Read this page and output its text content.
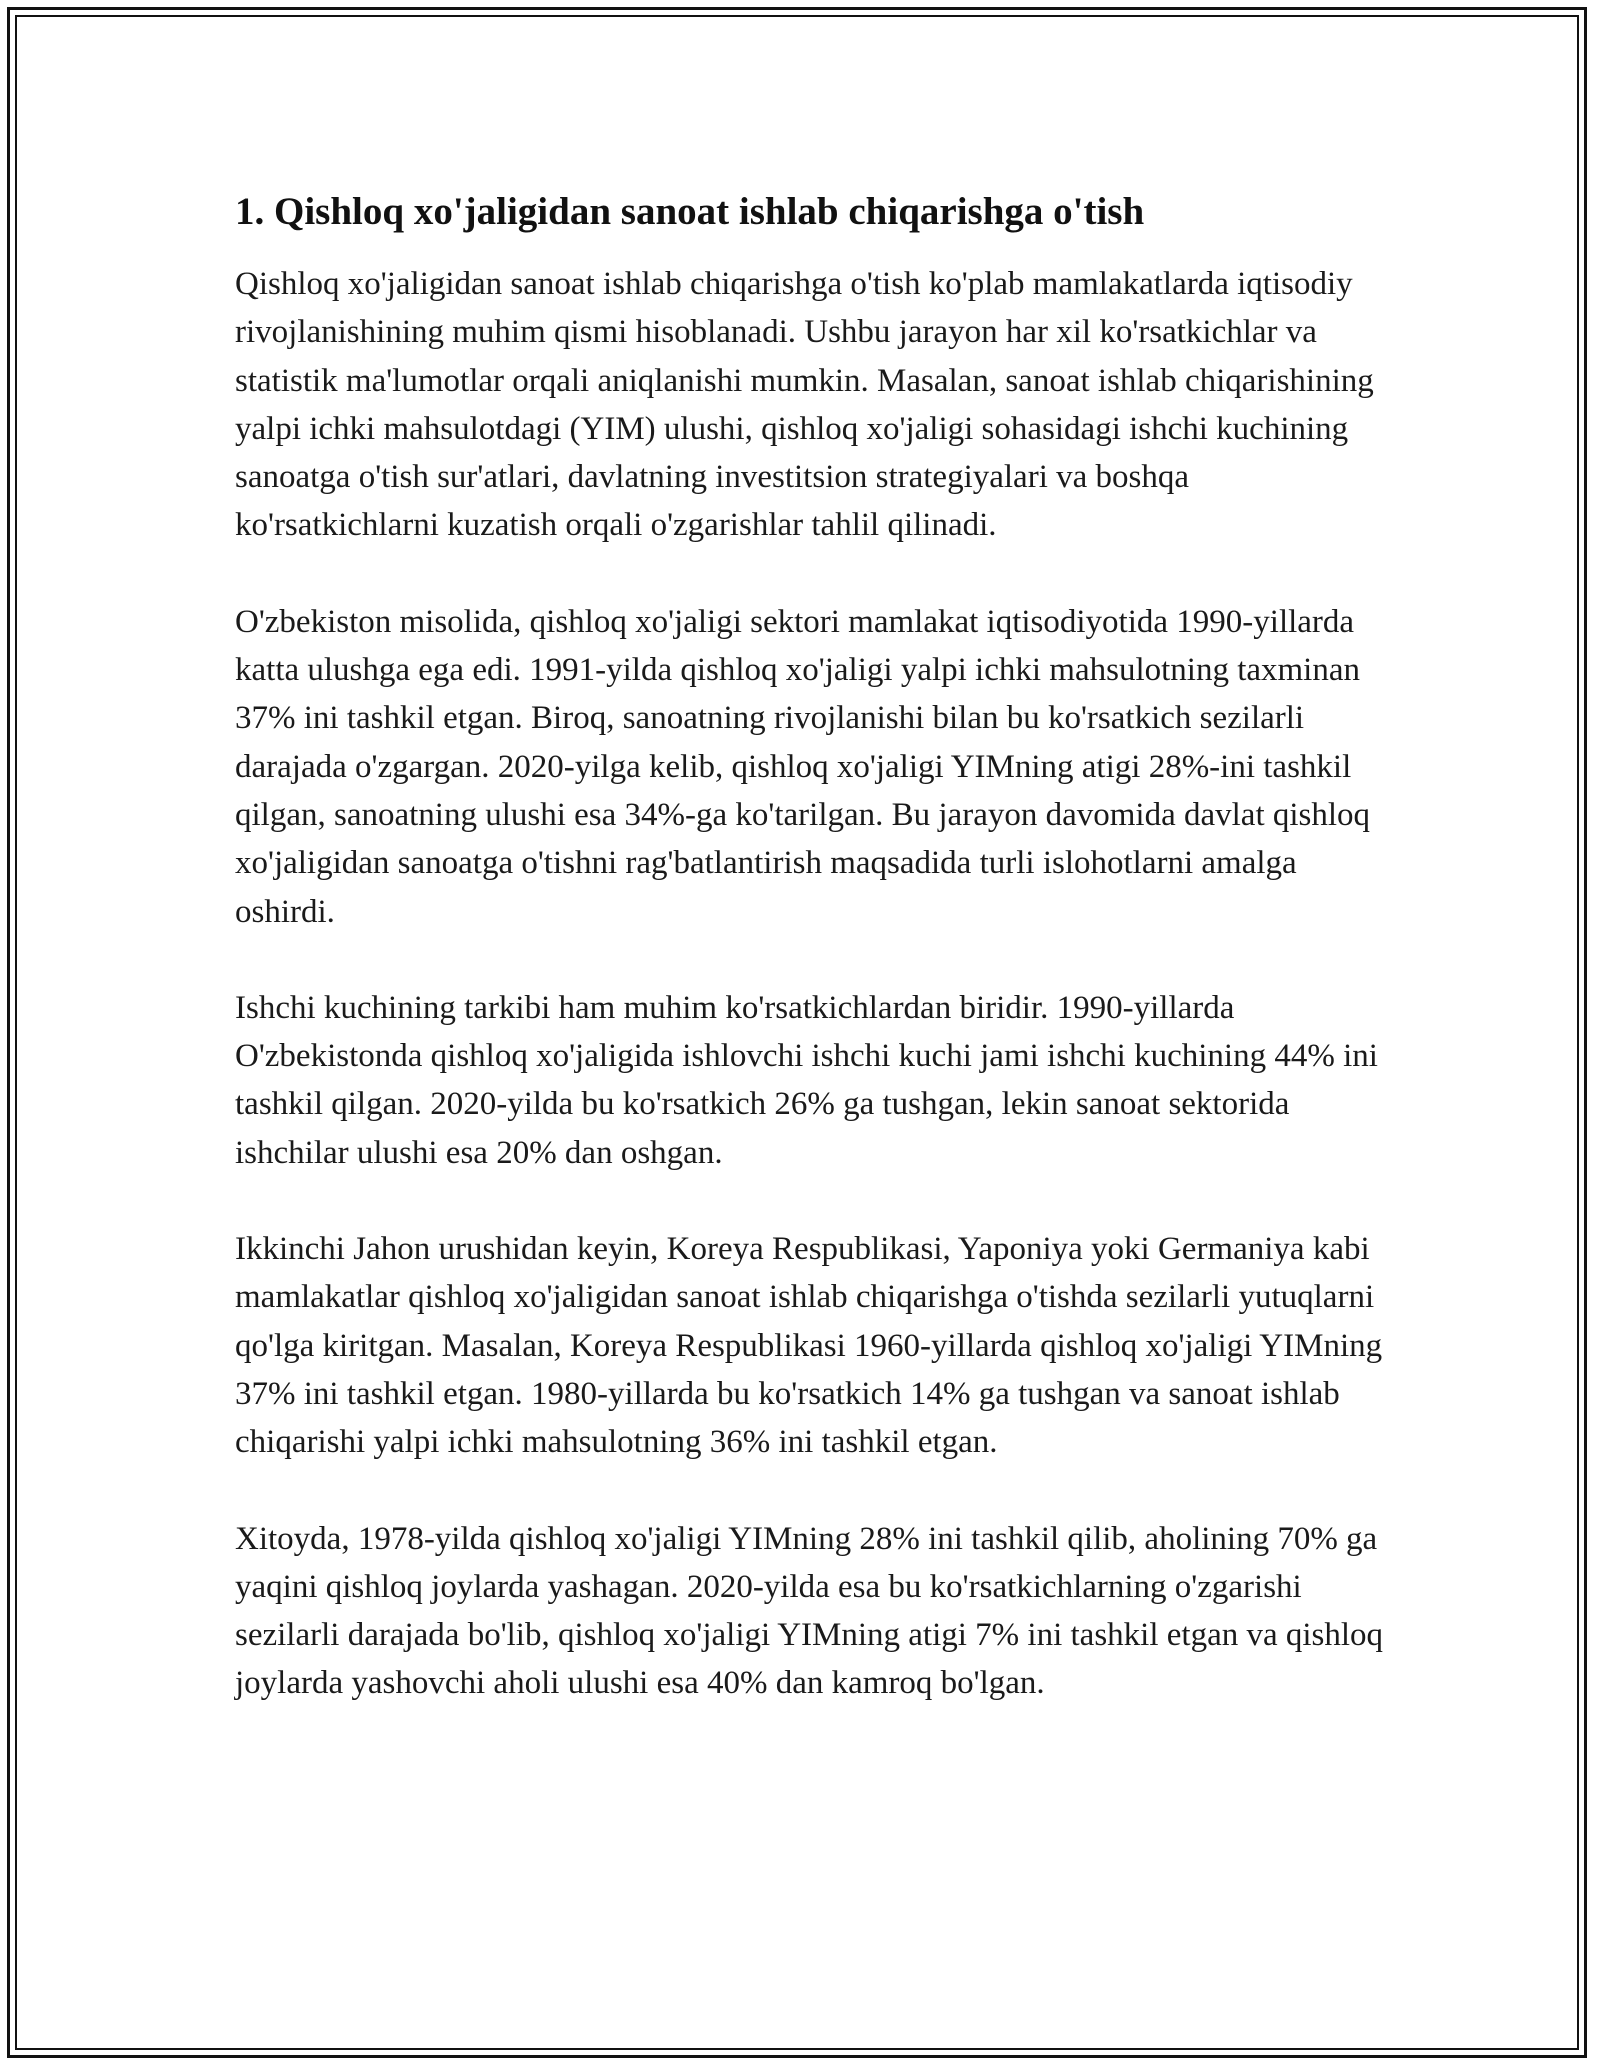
1. Qishloq xo'jaligidan sanoat ishlab chiqarishga o'tish

Qishloq xo'jaligidan sanoat ishlab chiqarishga o'tish ko'plab mamlakatlarda iqtisodiy rivojlanishining muhim qismi hisoblanadi. Ushbu jarayon har xil ko'rsatkichlar va statistik ma'lumotlar orqali aniqlanishi mumkin. Masalan, sanoat ishlab chiqarishining yalpi ichki mahsulotdagi (YIM) ulushi, qishloq xo'jaligi sohasidagi ishchi kuchining sanoatga o'tish sur'atlari, davlatning investitsion strategiyalari va boshqa ko'rsatkichlarni kuzatish orqali o'zgarishlar tahlil qilinadi.

O'zbekiston misolida, qishloq xo'jaligi sektori mamlakat iqtisodiyotida 1990-yillarda katta ulushga ega edi. 1991-yilda qishloq xo'jaligi yalpi ichki mahsulotning taxminan 37% ini tashkil etgan. Biroq, sanoatning rivojlanishi bilan bu ko'rsatkich sezilarli darajada o'zgargan. 2020-yilga kelib, qishloq xo'jaligi YIMning atigi 28%-ini tashkil qilgan, sanoatning ulushi esa 34%-ga ko'tarilgan. Bu jarayon davomida davlat qishloq xo'jaligidan sanoatga o'tishni rag'batlantirish maqsadida turli islohotlarni amalga oshirdi.

Ishchi kuchining tarkibi ham muhim ko'rsatkichlardan biridir. 1990-yillarda O'zbekistonda qishloq xo'jaligida ishlovchi ishchi kuchi jami ishchi kuchining 44% ini tashkil qilgan. 2020-yilda bu ko'rsatkich 26% ga tushgan, lekin sanoat sektorida ishchilar ulushi esa 20% dan oshgan.

Ikkinchi Jahon urushidan keyin, Koreya Respublikasi, Yaponiya yoki Germaniya kabi mamlakatlar qishloq xo'jaligidan sanoat ishlab chiqarishga o'tishda sezilarli yutuqlarni qo'lga kiritgan. Masalan, Koreya Respublikasi 1960-yillarda qishloq xo'jaligi YIMning 37% ini tashkil etgan. 1980-yillarda bu ko'rsatkich 14% ga tushgan va sanoat ishlab chiqarishi yalpi ichki mahsulotning 36% ini tashkil etgan.

Xitoyda, 1978-yilda qishloq xo'jaligi YIMning 28% ini tashkil qilib, aholining 70% ga yaqini qishloq joylarda yashagan. 2020-yilda esa bu ko'rsatkichlarning o'zgarishi sezilarli darajada bo'lib, qishloq xo'jaligi YIMning atigi 7% ini tashkil etgan va qishloq joylarda yashovchi aholi ulushi esa 40% dan kamroq bo'lgan.
